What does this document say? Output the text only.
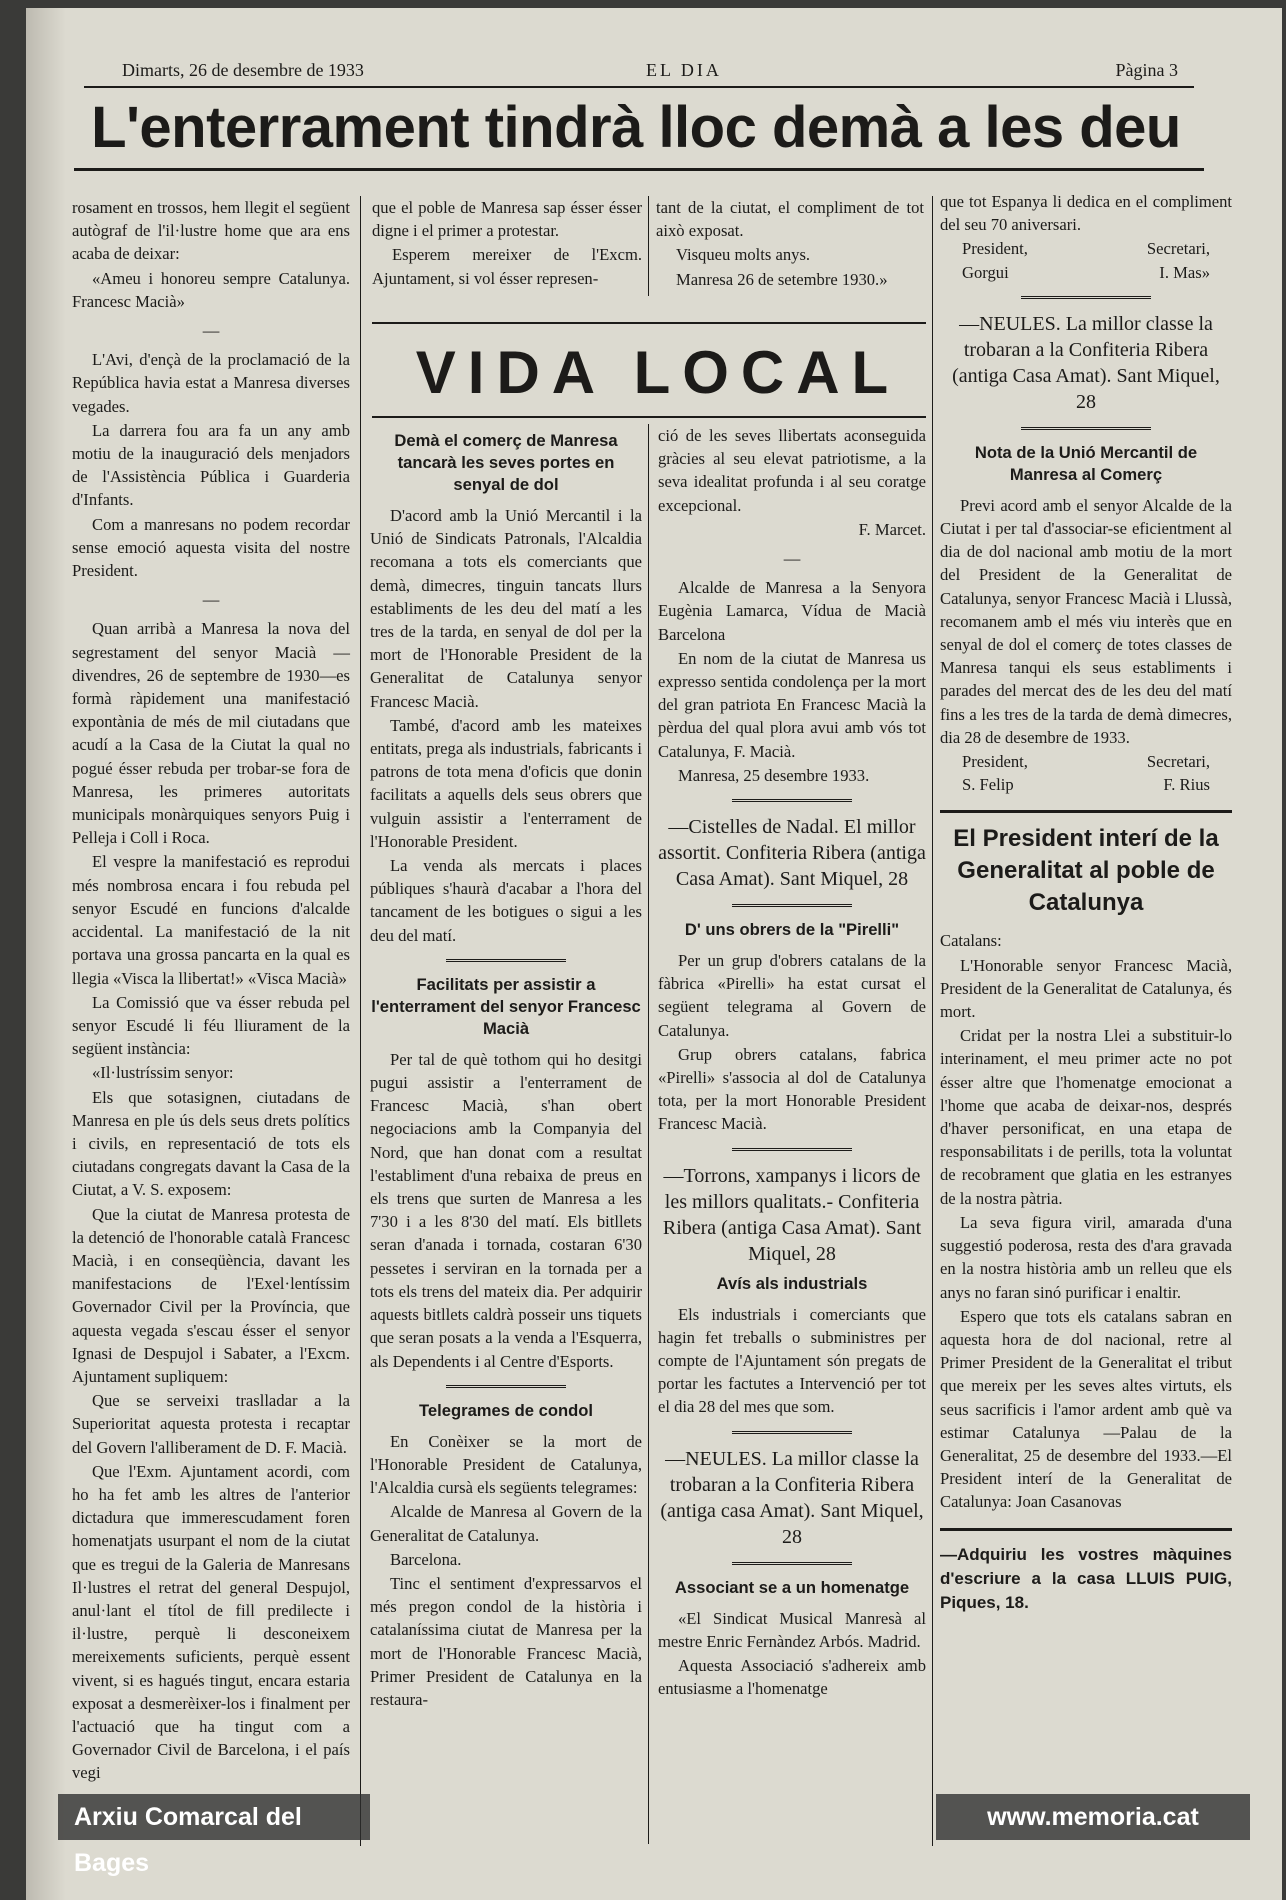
Dimarts, 26 de desembre de 1933	EL DIA	Pàgina 3
L'enterrament tindrà lloc demà a les deu

rosament en trossos, hem llegit el següent autògraf de l'il·lustre home que ara ens acaba de deixar:

«Ameu i honoreu sempre Catalunya. Francesc Macià»

—

L'Avi, d'ençà de la proclamació de la República havia estat a Manresa diverses vegades.

La darrera fou ara fa un any amb motiu de la inauguració dels menjadors de l'Assistència Pública i Guarderia d'Infants.

Com a manresans no podem recordar sense emoció aquesta visita del nostre President.

—

Quan arribà a Manresa la nova del segrestament del senyor Macià —divendres, 26 de septembre de 1930—es formà ràpidement una manifestació expontània de més de mil ciutadans que acudí a la Casa de la Ciutat la qual no pogué ésser rebuda per trobar-se fora de Manresa, les primeres autoritats municipals monàrquiques senyors Puig i Pelleja i Coll i Roca.

El vespre la manifestació es reprodui més nombrosa encara i fou rebuda pel senyor Escudé en funcions d'alcalde accidental. La manifestació de la nit portava una grossa pancarta en la qual es llegia «Visca la llibertat!» «Visca Macià»

La Comissió que va ésser rebuda pel senyor Escudé li féu lliurament de la següent instància:

«Il·lustríssim senyor:

Els que sotasignen, ciutadans de Manresa en ple ús dels seus drets polítics i civils, en representació de tots els ciutadans congregats davant la Casa de la Ciutat, a V. S. exposem:

Que la ciutat de Manresa protesta de la detenció de l'honorable català Francesc Macià, i en conseqüència, davant les manifestacions de l'Exel·lentíssim Governador Civil per la Província, que aquesta vegada s'escau ésser el senyor Ignasi de Despujol i Sabater, a l'Excm. Ajuntament supliquem:

Que se serveixi traslladar a la Superioritat aquesta protesta i recaptar del Govern l'alliberament de D. F. Macià.

Que l'Exm. Ajuntament acordi, com ho ha fet amb les altres de l'anterior dictadura que immerescudament foren homenatjats usurpant el nom de la ciutat que es tregui de la Galeria de Manresans Il·lustres el retrat del general Despujol, anul·lant el títol de fill predilecte i il·lustre, perquè li desconeixem mereixements suficients, perquè essent vivent, si es hagués tingut, encara estaria exposat a desmerèixer-los i finalment per l'actuació que ha tingut com a Governador Civil de Barcelona, i el país vegi

que el poble de Manresa sap ésser ésser digne i el primer a protestar.

Esperem mereixer de l'Excm. Ajuntament, si vol ésser represen-

tant de la ciutat, el compliment de tot això exposat.

Visqueu molts anys.

Manresa 26 de setembre 1930.»

VIDA LOCAL
Demà el comerç de Manresa tancarà les seves portes en senyal de dol

D'acord amb la Unió Mercantil i la Unió de Sindicats Patronals, l'Alcaldia recomana a tots els comerciants que demà, dimecres, tinguin tancats llurs establiments de les deu del matí a les tres de la tarda, en senyal de dol per la mort de l'Honorable President de la Generalitat de Catalunya senyor Francesc Macià.

També, d'acord amb les mateixes entitats, prega als industrials, fabricants i patrons de tota mena d'oficis que donin facilitats a aquells dels seus obrers que vulguin assistir a l'enterrament de l'Honorable President.

La venda als mercats i places públiques s'haurà d'acabar a l'hora del tancament de les botigues o sigui a les deu del matí.

Facilitats per assistir a l'enterrament del senyor Francesc Macià

Per tal de què tothom qui ho desitgi pugui assistir a l'enterrament de Francesc Macià, s'han obert negociacions amb la Companyia del Nord, que han donat com a resultat l'establiment d'una rebaixa de preus en els trens que surten de Manresa a les 7'30 i a les 8'30 del matí. Els bitllets seran d'anada i tornada, costaran 6'30 pessetes i serviran en la tornada per a tots els trens del mateix dia. Per adquirir aquests bitllets caldrà posseir uns tiquets que seran posats a la venda a l'Esquerra, als Dependents i al Centre d'Esports.

Telegrames de condol

En Conèixer se la mort de l'Honorable President de Catalunya, l'Alcaldia cursà els següents telegrames:

Alcalde de Manresa al Govern de la Generalitat de Catalunya.

Barcelona.

Tinc el sentiment d'expressarvos el més pregon condol de la història i catalaníssima ciutat de Manresa per la mort de l'Honorable Francesc Macià, Primer President de Catalunya en la restaura-

ció de les seves llibertats aconseguida gràcies al seu elevat patriotisme, a la seva idealitat profunda i al seu coratge excepcional.

F. Marcet.

—

Alcalde de Manresa a la Senyora Eugènia Lamarca, Vídua de Macià Barcelona

En nom de la ciutat de Manresa us expresso sentida condolença per la mort del gran patriota En Francesc Macià la pèrdua del qual plora avui amb vós tot Catalunya, F. Macià.

Manresa, 25 desembre 1933.

—Cistelles de Nadal. El millor assortit. Confiteria Ribera (antiga Casa Amat). Sant Miquel, 28

D' uns obrers de la "Pirelli"

Per un grup d'obrers catalans de la fàbrica «Pirelli» ha estat cursat el següent telegrama al Govern de Catalunya.

Grup obrers catalans, fabrica «Pirelli» s'associa al dol de Catalunya tota, per la mort Honorable President Francesc Macià.

—Torrons, xampanys i licors de les millors qualitats.- Confiteria Ribera (antiga Casa Amat). Sant Miquel, 28

Avís als industrials

Els industrials i comerciants que hagin fet treballs o subministres per compte de l'Ajuntament són pregats de portar les factutes a Intervenció per tot el dia 28 del mes que som.

—NEULES. La millor classe la trobaran a la Confiteria Ribera (antiga casa Amat). Sant Miquel, 28

Associant se a un homenatge

«El Sindicat Musical Manresà al mestre Enric Fernàndez Arbós. Madrid.

Aquesta Associació s'adhereix amb entusiasme a l'homenatge

que tot Espanya li dedica en el compliment del seu 70 aniversari.

President,	Secretari,
Gorgui	I. Mas»

—NEULES. La millor classe la trobaran a la Confiteria Ribera (antiga Casa Amat). Sant Miquel, 28

Nota de la Unió Mercantil de Manresa al Comerç

Previ acord amb el senyor Alcalde de la Ciutat i per tal d'associar-se eficientment al dia de dol nacional amb motiu de la mort del President de la Generalitat de Catalunya, senyor Francesc Macià i Llussà, recomanem amb el més viu interès que en senyal de dol el comerç de totes classes de Manresa tanqui els seus establiments i parades del mercat des de les deu del matí fins a les tres de la tarda de demà dimecres, dia 28 de desembre de 1933.

President,	Secretari,
S. Felip	F. Rius
El President interí de la Generalitat al poble de Catalunya

Catalans:

L'Honorable senyor Francesc Macià, President de la Generalitat de Catalunya, és mort.

Cridat per la nostra Llei a substituir-lo interinament, el meu primer acte no pot ésser altre que l'homenatge emocionat a l'home que acaba de deixar-nos, després d'haver personificat, en una etapa de responsabilitats i de perills, tota la voluntat de recobrament que glatia en les estranyes de la nostra pàtria.

La seva figura viril, amarada d'una suggestió poderosa, resta des d'ara gravada en la nostra història amb un relleu que els anys no faran sinó purificar i enaltir.

Espero que tots els catalans sabran en aquesta hora de dol nacional, retre al Primer President de la Generalitat el tribut que mereix per les seves altes virtuts, els seus sacrificis i l'amor ardent amb què va estimar Catalunya —Palau de la Generalitat, 25 de desembre del 1933.—El President interí de la Generalitat de Catalunya: Joan Casanovas

—Adquiriu les vostres màquines d'escriure a la casa LLUIS PUIG, Piques, 18.

Arxiu Comarcal del Bages
www.memoria.cat
